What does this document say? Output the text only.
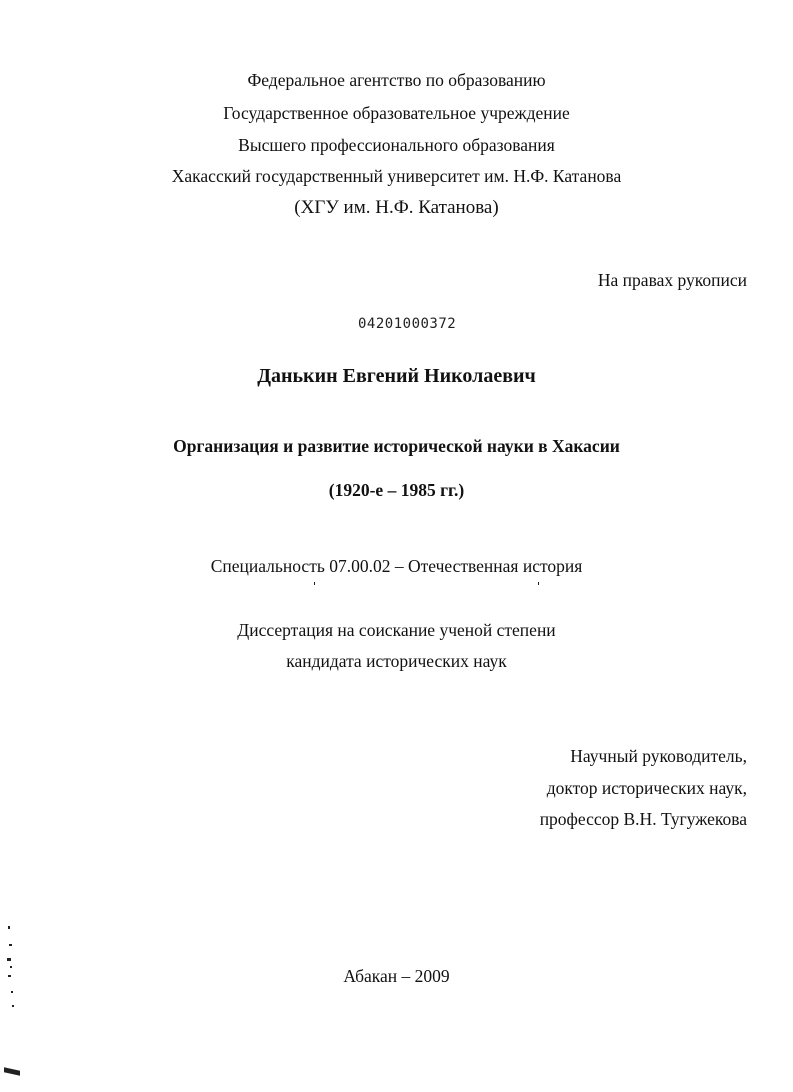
Федеральное агентство по образованию
Государственное образовательное учреждение
Высшего профессионального образования
Хакасский государственный университет им. Н.Ф. Катанова
(ХГУ им. Н.Ф. Катанова)
На правах рукописи
04201000372
Данькин Евгений Николаевич
Организация и развитие исторической науки в Хакасии
(1920-е – 1985 гг.)
Специальность 07.00.02 – Отечественная история
Диссертация на соискание ученой степени
кандидата исторических наук
Научный руководитель,
доктор исторических наук,
профессор В.Н. Тугужекова
Абакан – 2009
